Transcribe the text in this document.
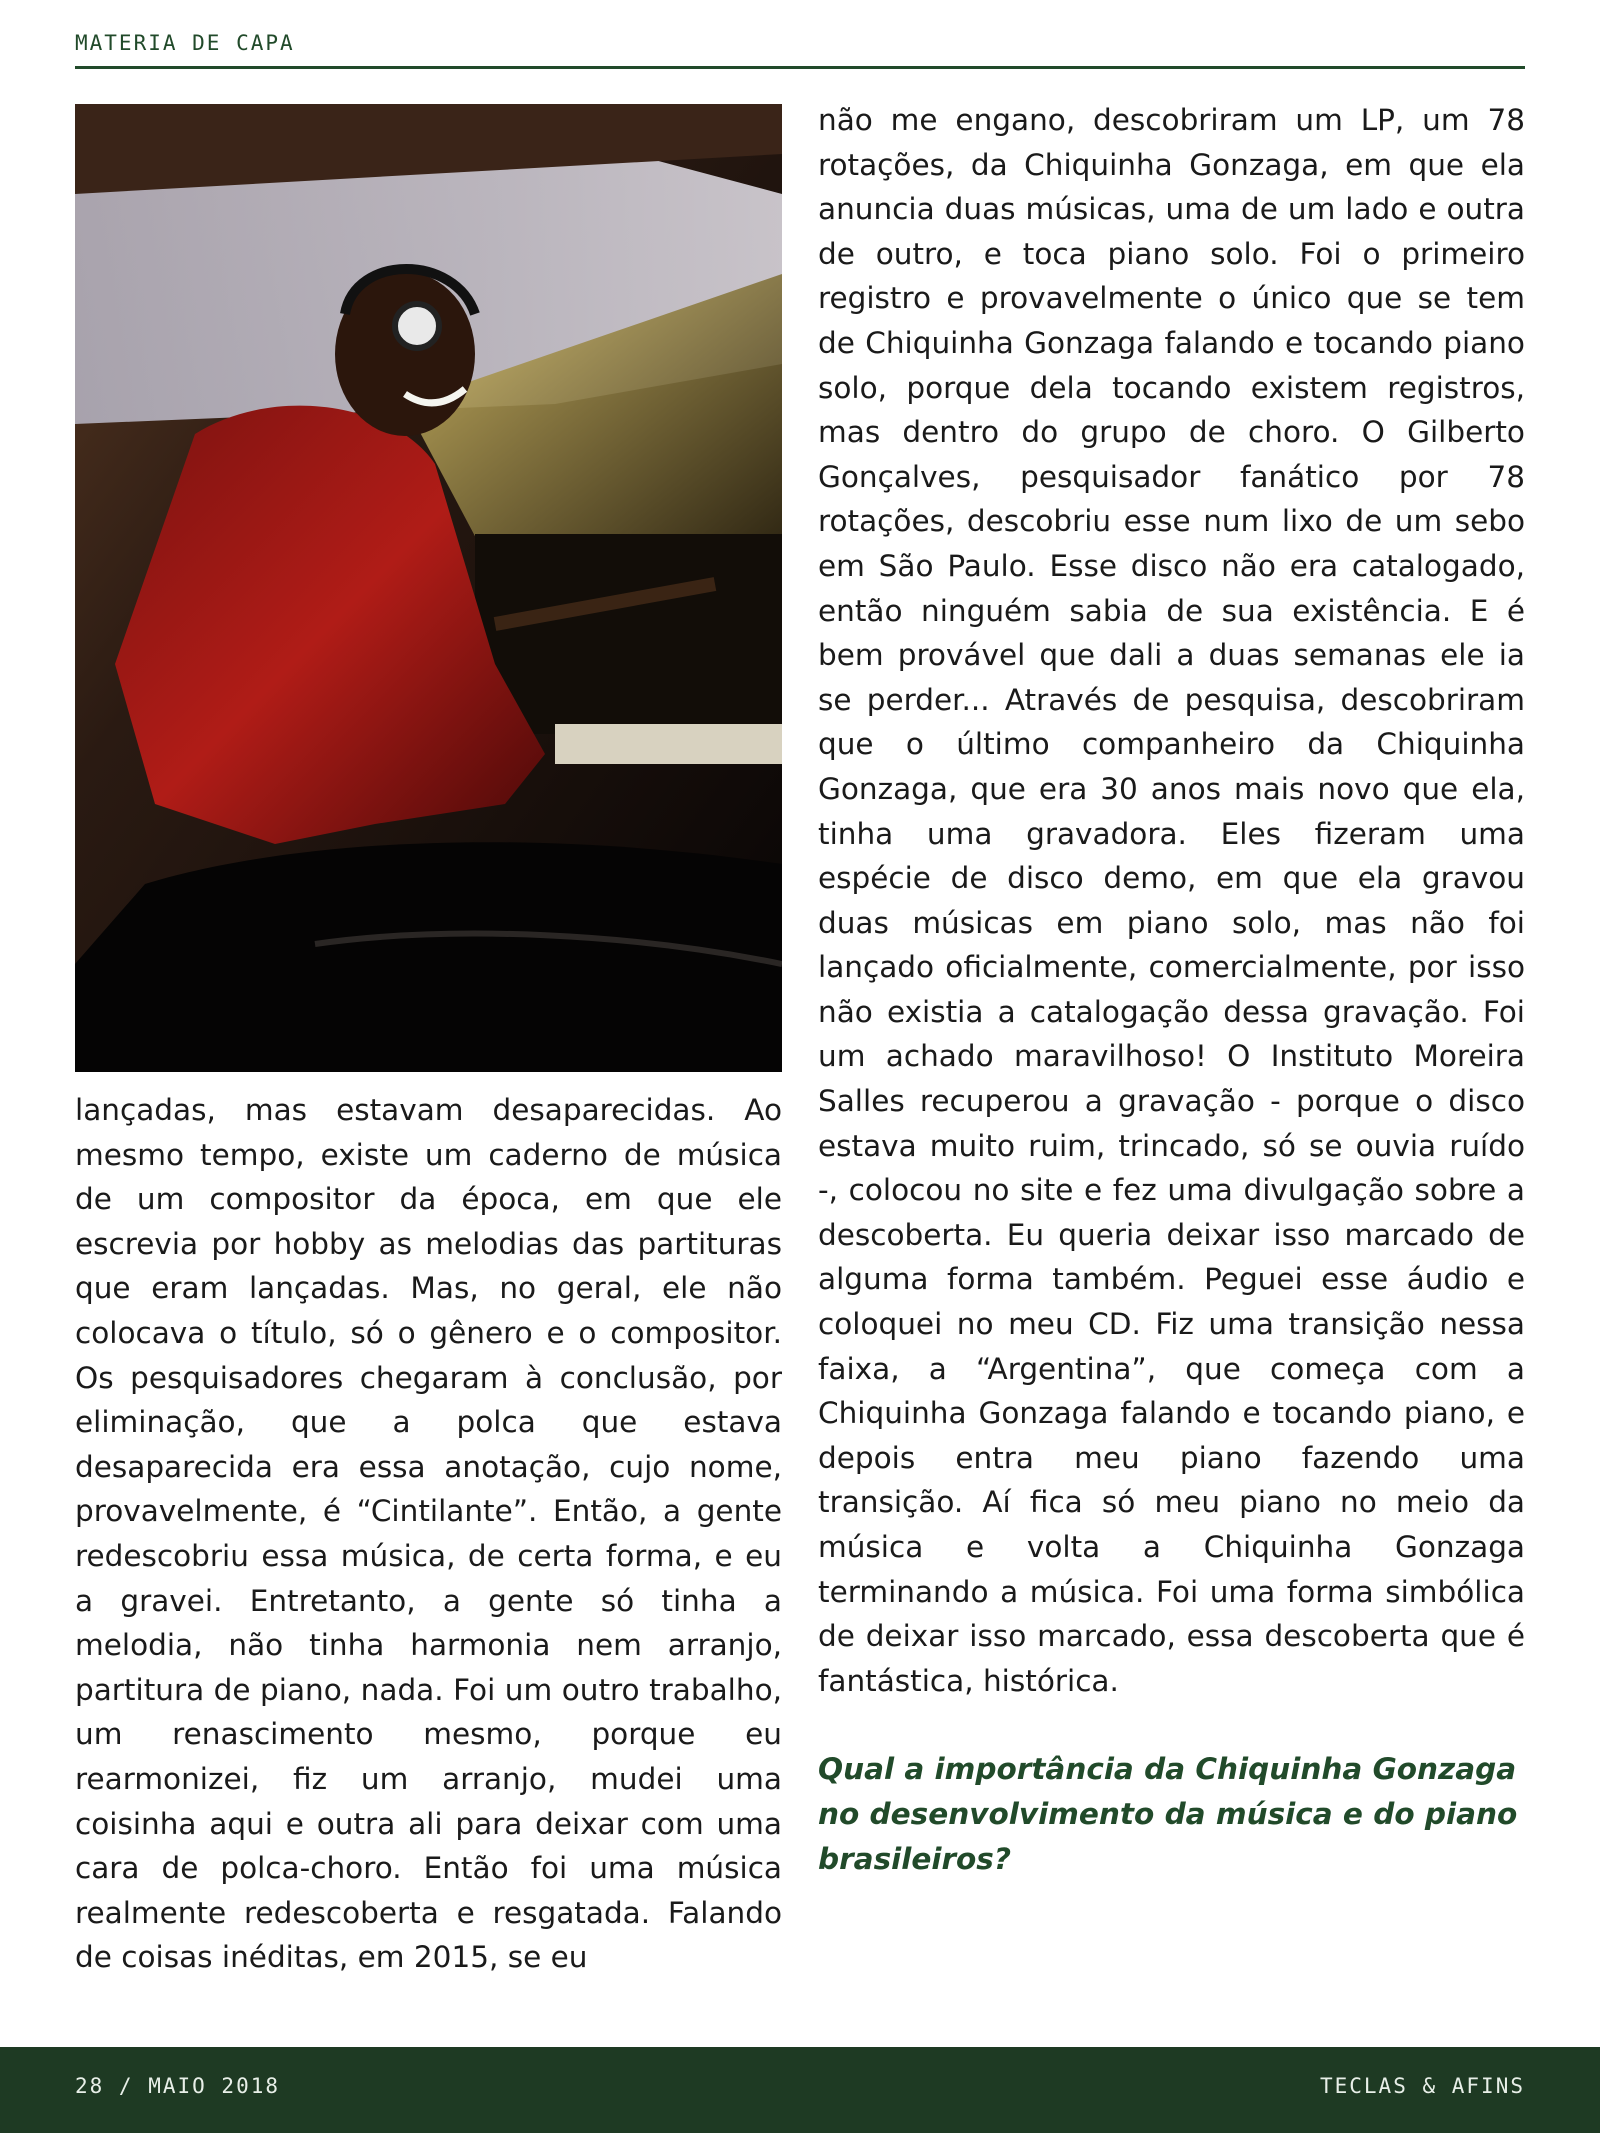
MATERIA DE CAPA

lançadas, mas estavam desaparecidas. Ao mesmo tempo, existe um caderno de música de um compositor da época, em que ele escrevia por hobby as melodias das partituras que eram lançadas. Mas, no geral, ele não colocava o título, só o gênero e o compositor. Os pesquisadores chegaram à conclusão, por eliminação, que a polca que estava desaparecida era essa anotação, cujo nome, provavelmente, é “Cintilante”. Então, a gente redescobriu essa música, de certa forma, e eu a gravei. Entretanto, a gente só tinha a melodia, não tinha harmonia nem arranjo, partitura de piano, nada. Foi um outro trabalho, um renascimento mesmo, porque eu rearmonizei, fiz um arranjo, mudei uma coisinha aqui e outra ali para deixar com uma cara de polca-choro. Então foi uma música realmente redescoberta e resgatada. Falando de coisas inéditas, em 2015, se eu

não me engano, descobriram um LP, um 78 rotações, da Chiquinha Gonzaga, em que ela anuncia duas músicas, uma de um lado e outra de outro, e toca piano solo. Foi o primeiro registro e provavelmente o único que se tem de Chiquinha Gonzaga falando e tocando piano solo, porque dela tocando existem registros, mas dentro do grupo de choro. O Gilberto Gonçalves, pesquisador fanático por 78 rotações, descobriu esse num lixo de um sebo em São Paulo. Esse disco não era catalogado, então ninguém sabia de sua existência. E é bem provável que dali a duas semanas ele ia se perder... Através de pesquisa, descobriram que o último companheiro da Chiquinha Gonzaga, que era 30 anos mais novo que ela, tinha uma gravadora. Eles fizeram uma espécie de disco demo, em que ela gravou duas músicas em piano solo, mas não foi lançado oficialmente, comercialmente, por isso não existia a catalogação dessa gravação. Foi um achado maravilhoso! O Instituto Moreira Salles recuperou a gravação - porque o disco estava muito ruim, trincado, só se ouvia ruído -, colocou no site e fez uma divulgação sobre a descoberta. Eu queria deixar isso marcado de alguma forma também. Peguei esse áudio e coloquei no meu CD. Fiz uma transição nessa faixa, a “Argentina”, que começa com a Chiquinha Gonzaga falando e tocando piano, e depois entra meu piano fazendo uma transição. Aí fica só meu piano no meio da música e volta a Chiquinha Gonzaga terminando a música. Foi uma forma simbólica de deixar isso marcado, essa descoberta que é fantástica, histórica.

Qual a importância da Chiquinha Gonzaga no desenvolvimento da música e do piano brasileiros?

28 / MAIO 2018	TECLAS & AFINS
